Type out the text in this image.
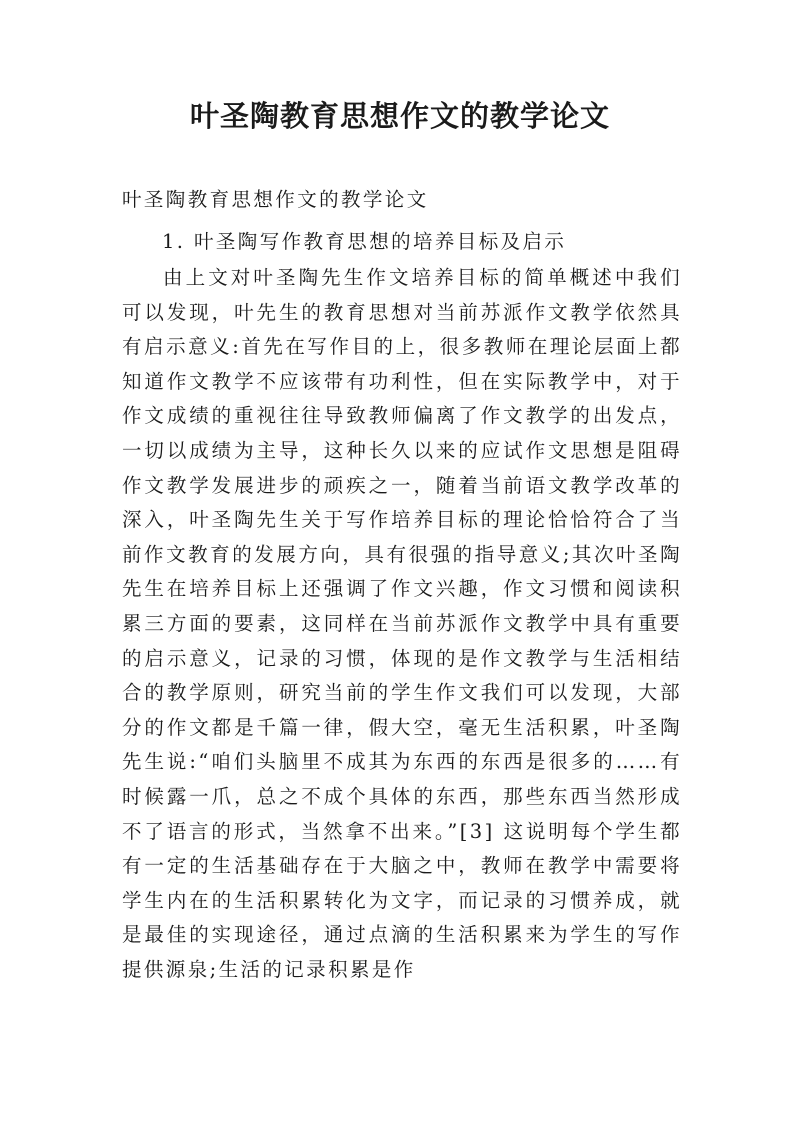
叶圣陶教育思想作文的教学论文

叶圣陶教育思想作文的教学论文

1. 叶圣陶写作教育思想的培养目标及启示

由上文对叶圣陶先生作文培养目标的简单概述中我们可以发现，叶先生的教育思想对当前苏派作文教学依然具有启示意义:首先在写作目的上，很多教师在理论层面上都知道作文教学不应该带有功利性，但在实际教学中，对于作文成绩的重视往往导致教师偏离了作文教学的出发点，一切以成绩为主导，这种长久以来的应试作文思想是阻碍作文教学发展进步的顽疾之一，随着当前语文教学改革的深入，叶圣陶先生关于写作培养目标的理论恰恰符合了当前作文教育的发展方向，具有很强的指导意义;其次叶圣陶先生在培养目标上还强调了作文兴趣，作文习惯和阅读积累三方面的要素，这同样在当前苏派作文教学中具有重要的启示意义，记录的习惯，体现的是作文教学与生活相结合的教学原则，研究当前的学生作文我们可以发现，大部分的作文都是千篇一律，假大空，毫无生活积累，叶圣陶先生说:“咱们头脑里不成其为东西的东西是很多的……有时候露一爪，总之不成个具体的东西，那些东西当然形成不了语言的形式，当然拿不出来。”[3] 这说明每个学生都有一定的生活基础存在于大脑之中，教师在教学中需要将学生内在的生活积累转化为文字，而记录的习惯养成，就是最佳的实现途径，通过点滴的生活积累来为学生的写作提供源泉;生活的记录积累是作
